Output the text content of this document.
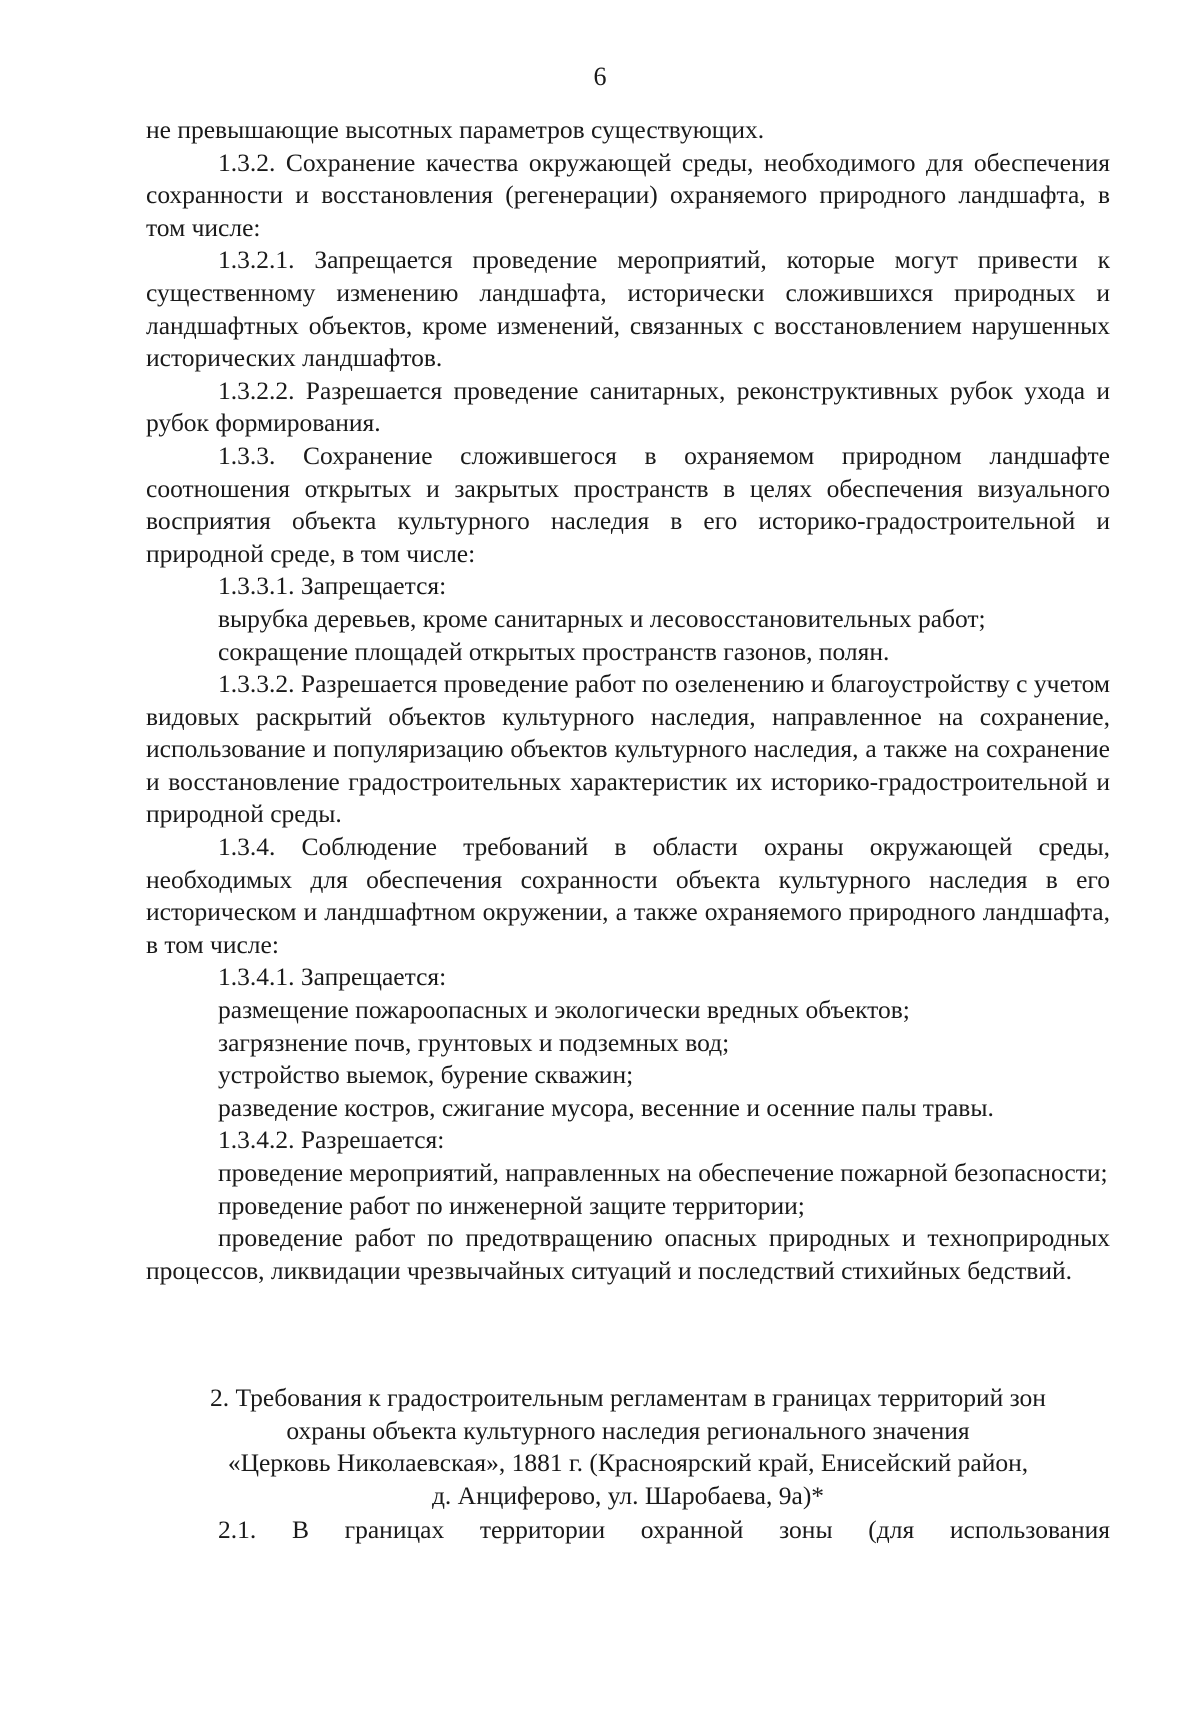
6

не превышающие высотных параметров существующих.

1.3.2. Сохранение качества окружающей среды, необходимого для обеспечения сохранности и восстановления (регенерации) охраняемого природного ландшафта, в том числе:

1.3.2.1. Запрещается проведение мероприятий, которые могут привести к существенному изменению ландшафта, исторически сложившихся природных и ландшафтных объектов, кроме изменений, связанных с восстановлением нарушенных исторических ландшафтов.

1.3.2.2. Разрешается проведение санитарных, реконструктивных рубок ухода и рубок формирования.

1.3.3. Сохранение сложившегося в охраняемом природном ландшафте соотношения открытых и закрытых пространств в целях обеспечения визуального восприятия объекта культурного наследия в его историко-градостроительной и природной среде, в том числе:

1.3.3.1. Запрещается:

вырубка деревьев, кроме санитарных и лесовосстановительных работ;

сокращение площадей открытых пространств газонов, полян.

1.3.3.2. Разрешается проведение работ по озеленению и благоустройству с учетом видовых раскрытий объектов культурного наследия, направленное на сохранение, использование и популяризацию объектов культурного наследия, а также на сохранение и восстановление градостроительных характеристик их историко-градостроительной и природной среды.

1.3.4. Соблюдение требований в области охраны окружающей среды, необходимых для обеспечения сохранности объекта культурного наследия в его историческом и ландшафтном окружении, а также охраняемого природного ландшафта, в том числе:

1.3.4.1. Запрещается:

размещение пожароопасных и экологически вредных объектов;

загрязнение почв, грунтовых и подземных вод;

устройство выемок, бурение скважин;

разведение костров, сжигание мусора, весенние и осенние палы травы.

1.3.4.2. Разрешается:

проведение мероприятий, направленных на обеспечение пожарной безопасности;

проведение работ по инженерной защите территории;

проведение работ по предотвращению опасных природных и техноприродных процессов, ликвидации чрезвычайных ситуаций и последствий стихийных бедствий.

2. Требования к градостроительным регламентам в границах территорий зон
охраны объекта культурного наследия регионального значения
«Церковь Николаевская», 1881 г. (Красноярский край, Енисейский район,
д. Анциферово, ул. Шаробаева, 9а)*

2.1. В границах территории охранной зоны (для использования
